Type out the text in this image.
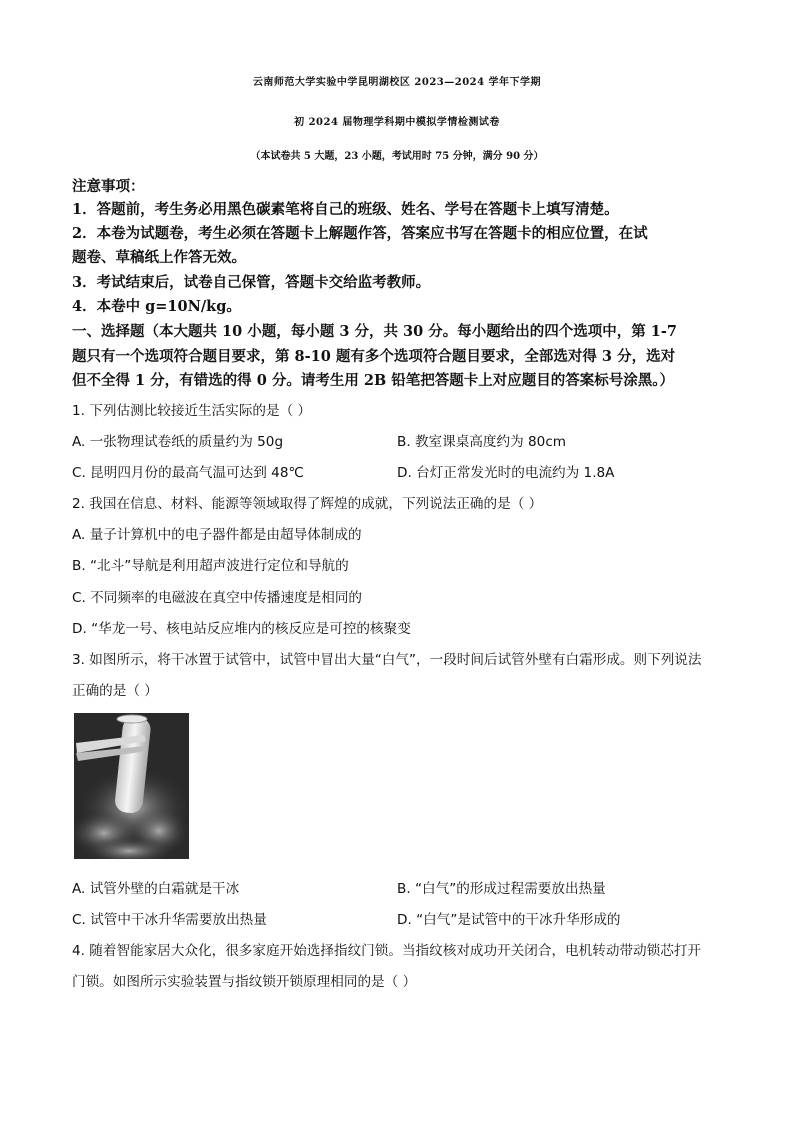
云南师范大学实验中学昆明湖校区 2023—2024 学年下学期
初 2024 届物理学科期中模拟学情检测试卷
（本试卷共 5 大题，23 小题，考试用时 75 分钟，满分 90 分）
注意事项：
1．答题前，考生务必用黑色碳素笔将自己的班级、姓名、学号在答题卡上填写清楚。
2．本卷为试题卷，考生必须在答题卡上解题作答，答案应书写在答题卡的相应位置，在试
题卷、草稿纸上作答无效。
3．考试结束后，试卷自己保管，答题卡交给监考教师。
4．本卷中 g=10N/kg。
一、选择题（本大题共 10 小题，每小题 3 分，共 30 分。每小题给出的四个选项中，第 1-7
题只有一个选项符合题目要求，第 8-10 题有多个选项符合题目要求，全部选对得 3 分，选对
但不全得 1 分，有错选的得 0 分。请考生用 2B 铅笔把答题卡上对应题目的答案标号涂黑。）
1. 下列估测比较接近生活实际的是（ ）
A. 一张物理试卷纸的质量约为 50g	B. 教室课桌高度约为 80cm
C. 昆明四月份的最高气温可达到 48℃	D. 台灯正常发光时的电流约为 1.8A
2. 我国在信息、材料、能源等领域取得了辉煌的成就，下列说法正确的是（ ）
A. 量子计算机中的电子器件都是由超导体制成的
B. “北斗”导航是利用超声波进行定位和导航的
C. 不同频率的电磁波在真空中传播速度是相同的
D. “华龙一号、核电站反应堆内的核反应是可控的核聚变
3. 如图所示，将干冰置于试管中，试管中冒出大量“白气”，一段时间后试管外壁有白霜形成。则下列说法
正确的是（ ）
A. 试管外壁的白霜就是干冰	B. “白气”的形成过程需要放出热量
C. 试管中干冰升华需要放出热量	D. “白气”是试管中的干冰升华形成的
4. 随着智能家居大众化，很多家庭开始选择指纹门锁。当指纹核对成功开关闭合，电机转动带动锁芯打开
门锁。如图所示实验装置与指纹锁开锁原理相同的是（ ）
